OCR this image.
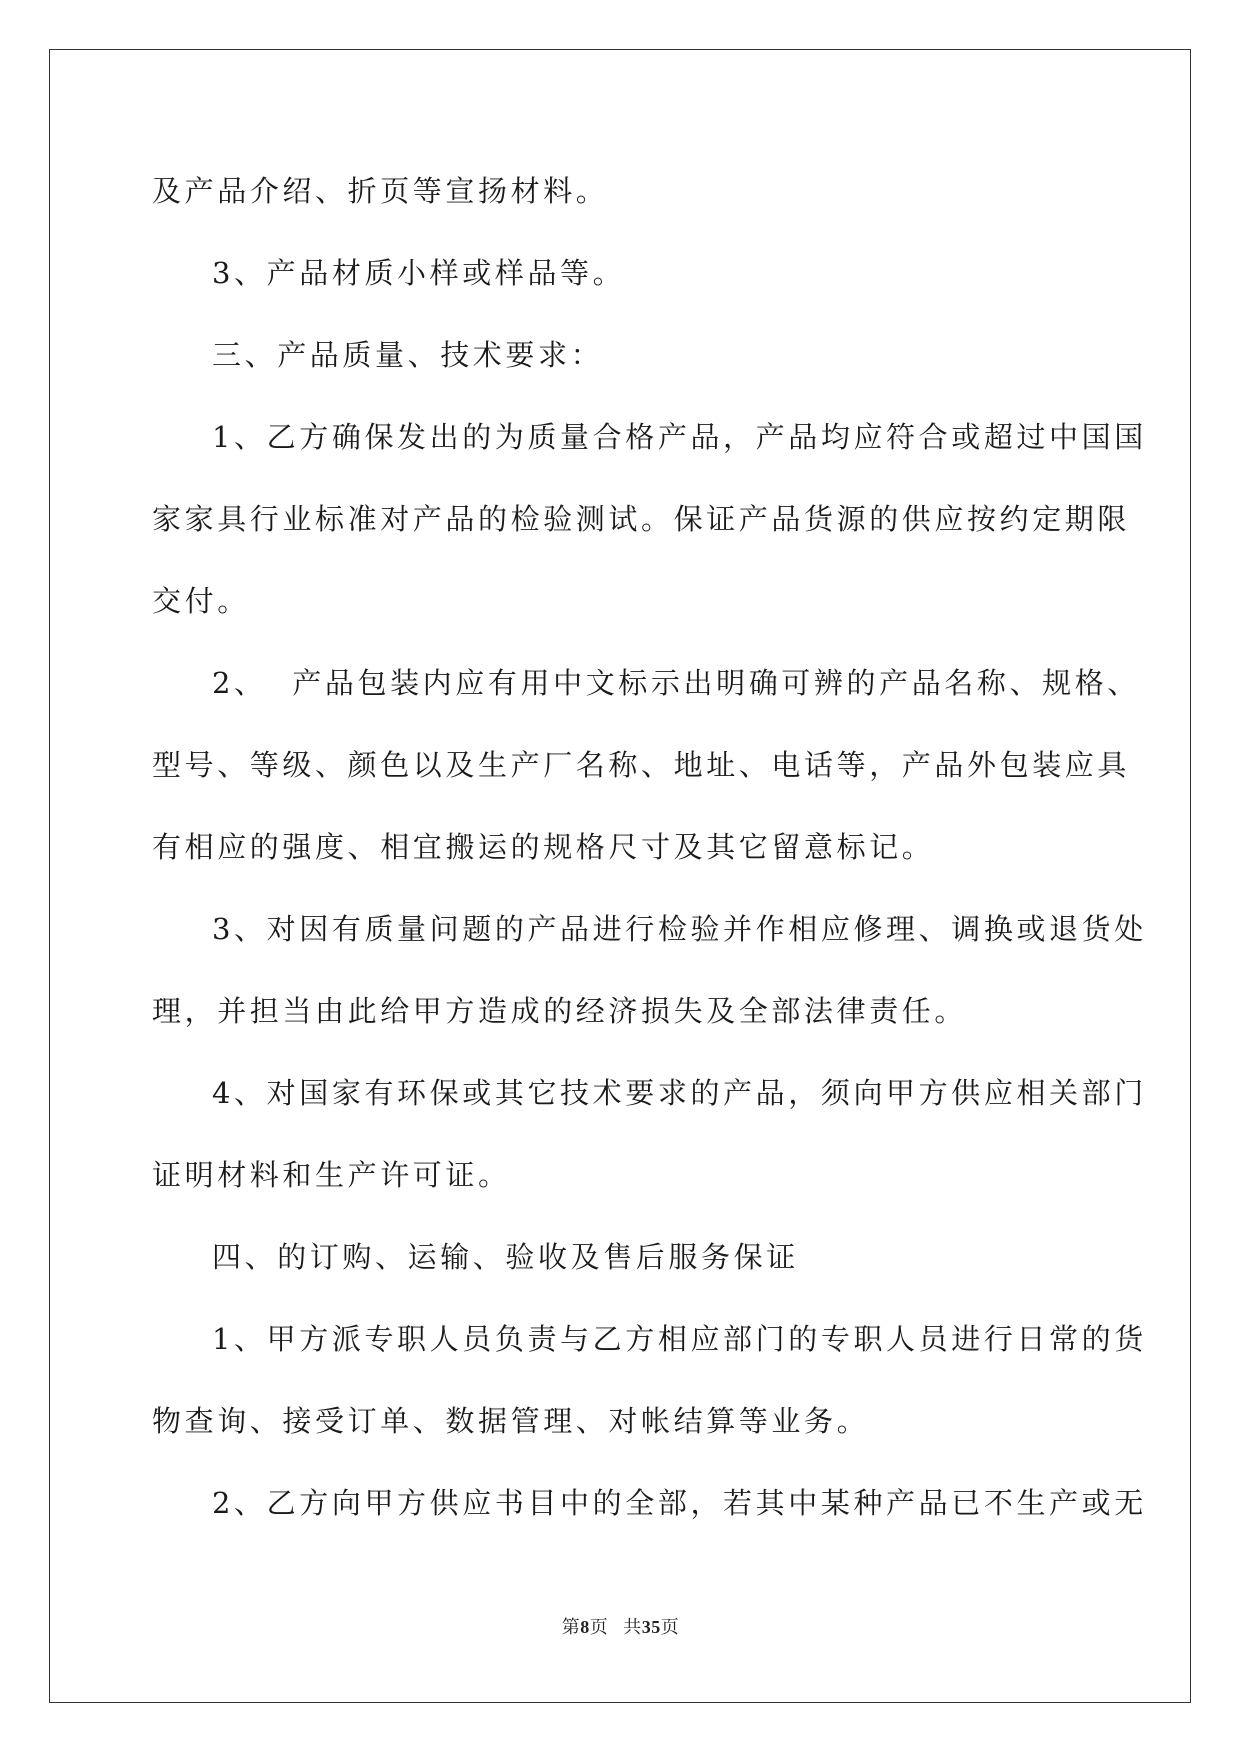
及产品介绍、折页等宣扬材料。
3、产品材质小样或样品等。
三、产品质量、技术要求：
1、乙方确保发出的为质量合格产品，产品均应符合或超过中国国
家家具行业标准对产品的检验测试。保证产品货源的供应按约定期限
交付。
2、  产品包装内应有用中文标示出明确可辨的产品名称、规格、
型号、等级、颜色以及生产厂名称、地址、电话等，产品外包装应具
有相应的强度、相宜搬运的规格尺寸及其它留意标记。
3、对因有质量问题的产品进行检验并作相应修理、调换或退货处
理，并担当由此给甲方造成的经济损失及全部法律责任。
4、对国家有环保或其它技术要求的产品，须向甲方供应相关部门
证明材料和生产许可证。
四、的订购、运输、验收及售后服务保证
1、甲方派专职人员负责与乙方相应部门的专职人员进行日常的货
物查询、接受订单、数据管理、对帐结算等业务。
2、乙方向甲方供应书目中的全部，若其中某种产品已不生产或无
第8页 共35页
